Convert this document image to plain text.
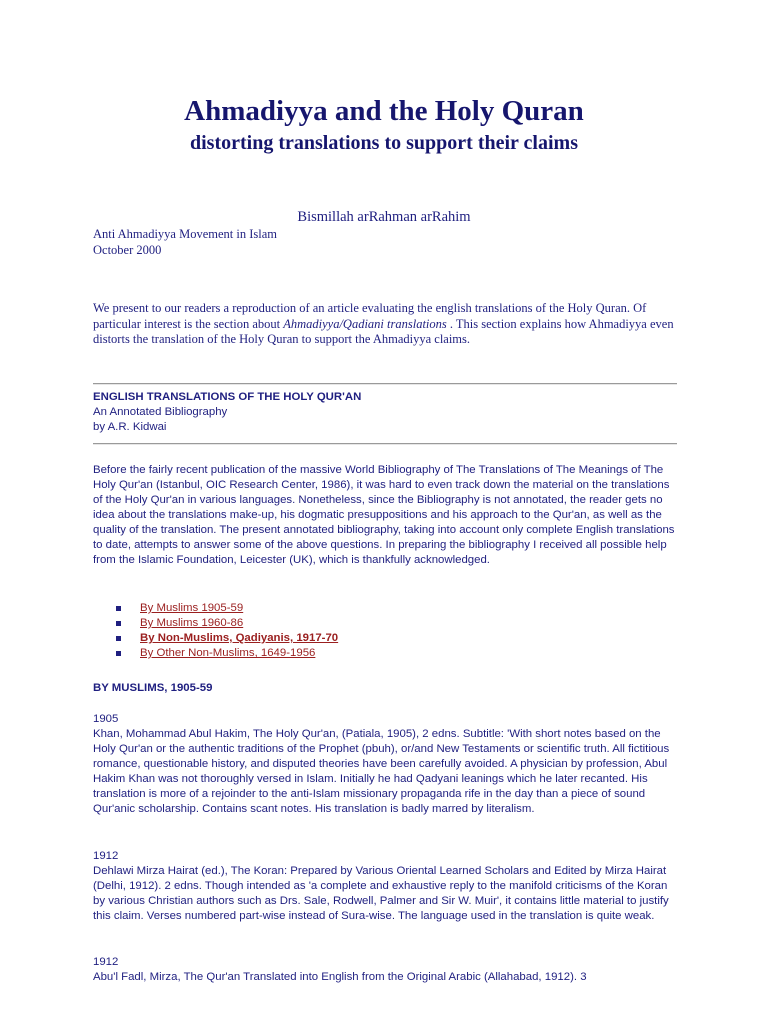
Ahmadiyya and the Holy Quran
distorting translations to support their claims
Bismillah arRahman arRahim
Anti Ahmadiyya Movement in Islam
October 2000
We present to our readers a reproduction of an article evaluating the english translations of the Holy Quran. Of particular interest is the section about Ahmadiyya/Qadiani translations . This section explains how Ahmadiyya even distorts the translation of the Holy Quran to support the Ahmadiyya claims.
ENGLISH TRANSLATIONS OF THE HOLY QUR'AN
An Annotated Bibliography
by A.R. Kidwai
Before the fairly recent publication of the massive World Bibliography of The Translations of The Meanings of The Holy Qur'an (Istanbul, OIC Research Center, 1986), it was hard to even track down the material on the translations of the Holy Qur'an in various languages. Nonetheless, since the Bibliography is not annotated, the reader gets no idea about the translations make-up, his dogmatic presuppositions and his approach to the Qur'an, as well as the quality of the translation. The present annotated bibliography, taking into account only complete English translations to date, attempts to answer some of the above questions. In preparing the bibliography I received all possible help from the Islamic Foundation, Leicester (UK), which is thankfully acknowledged.
By Muslims 1905-59
By Muslims 1960-86
By Non-Muslims, Qadiyanis, 1917-70
By Other Non-Muslims, 1649-1956
BY MUSLIMS, 1905-59
1905
Khan, Mohammad Abul Hakim, The Holy Qur'an, (Patiala, 1905), 2 edns. Subtitle: 'With short notes based on the Holy Qur'an or the authentic traditions of the Prophet (pbuh), or/and New Testaments or scientific truth. All fictitious romance, questionable history, and disputed theories have been carefully avoided. A physician by profession, Abul Hakim Khan was not thoroughly versed in Islam. Initially he had Qadyani leanings which he later recanted. His translation is more of a rejoinder to the anti-Islam missionary propaganda rife in the day than a piece of sound Qur'anic scholarship. Contains scant notes. His translation is badly marred by literalism.
1912
Dehlawi Mirza Hairat (ed.), The Koran: Prepared by Various Oriental Learned Scholars and Edited by Mirza Hairat (Delhi, 1912). 2 edns. Though intended as 'a complete and exhaustive reply to the manifold criticisms of the Koran by various Christian authors such as Drs. Sale, Rodwell, Palmer and Sir W. Muir', it contains little material to justify this claim. Verses numbered part-wise instead of Sura-wise. The language used in the translation is quite weak.
1912
Abu'l Fadl, Mirza, The Qur'an Translated into English from the Original Arabic (Allahabad, 1912). 3
